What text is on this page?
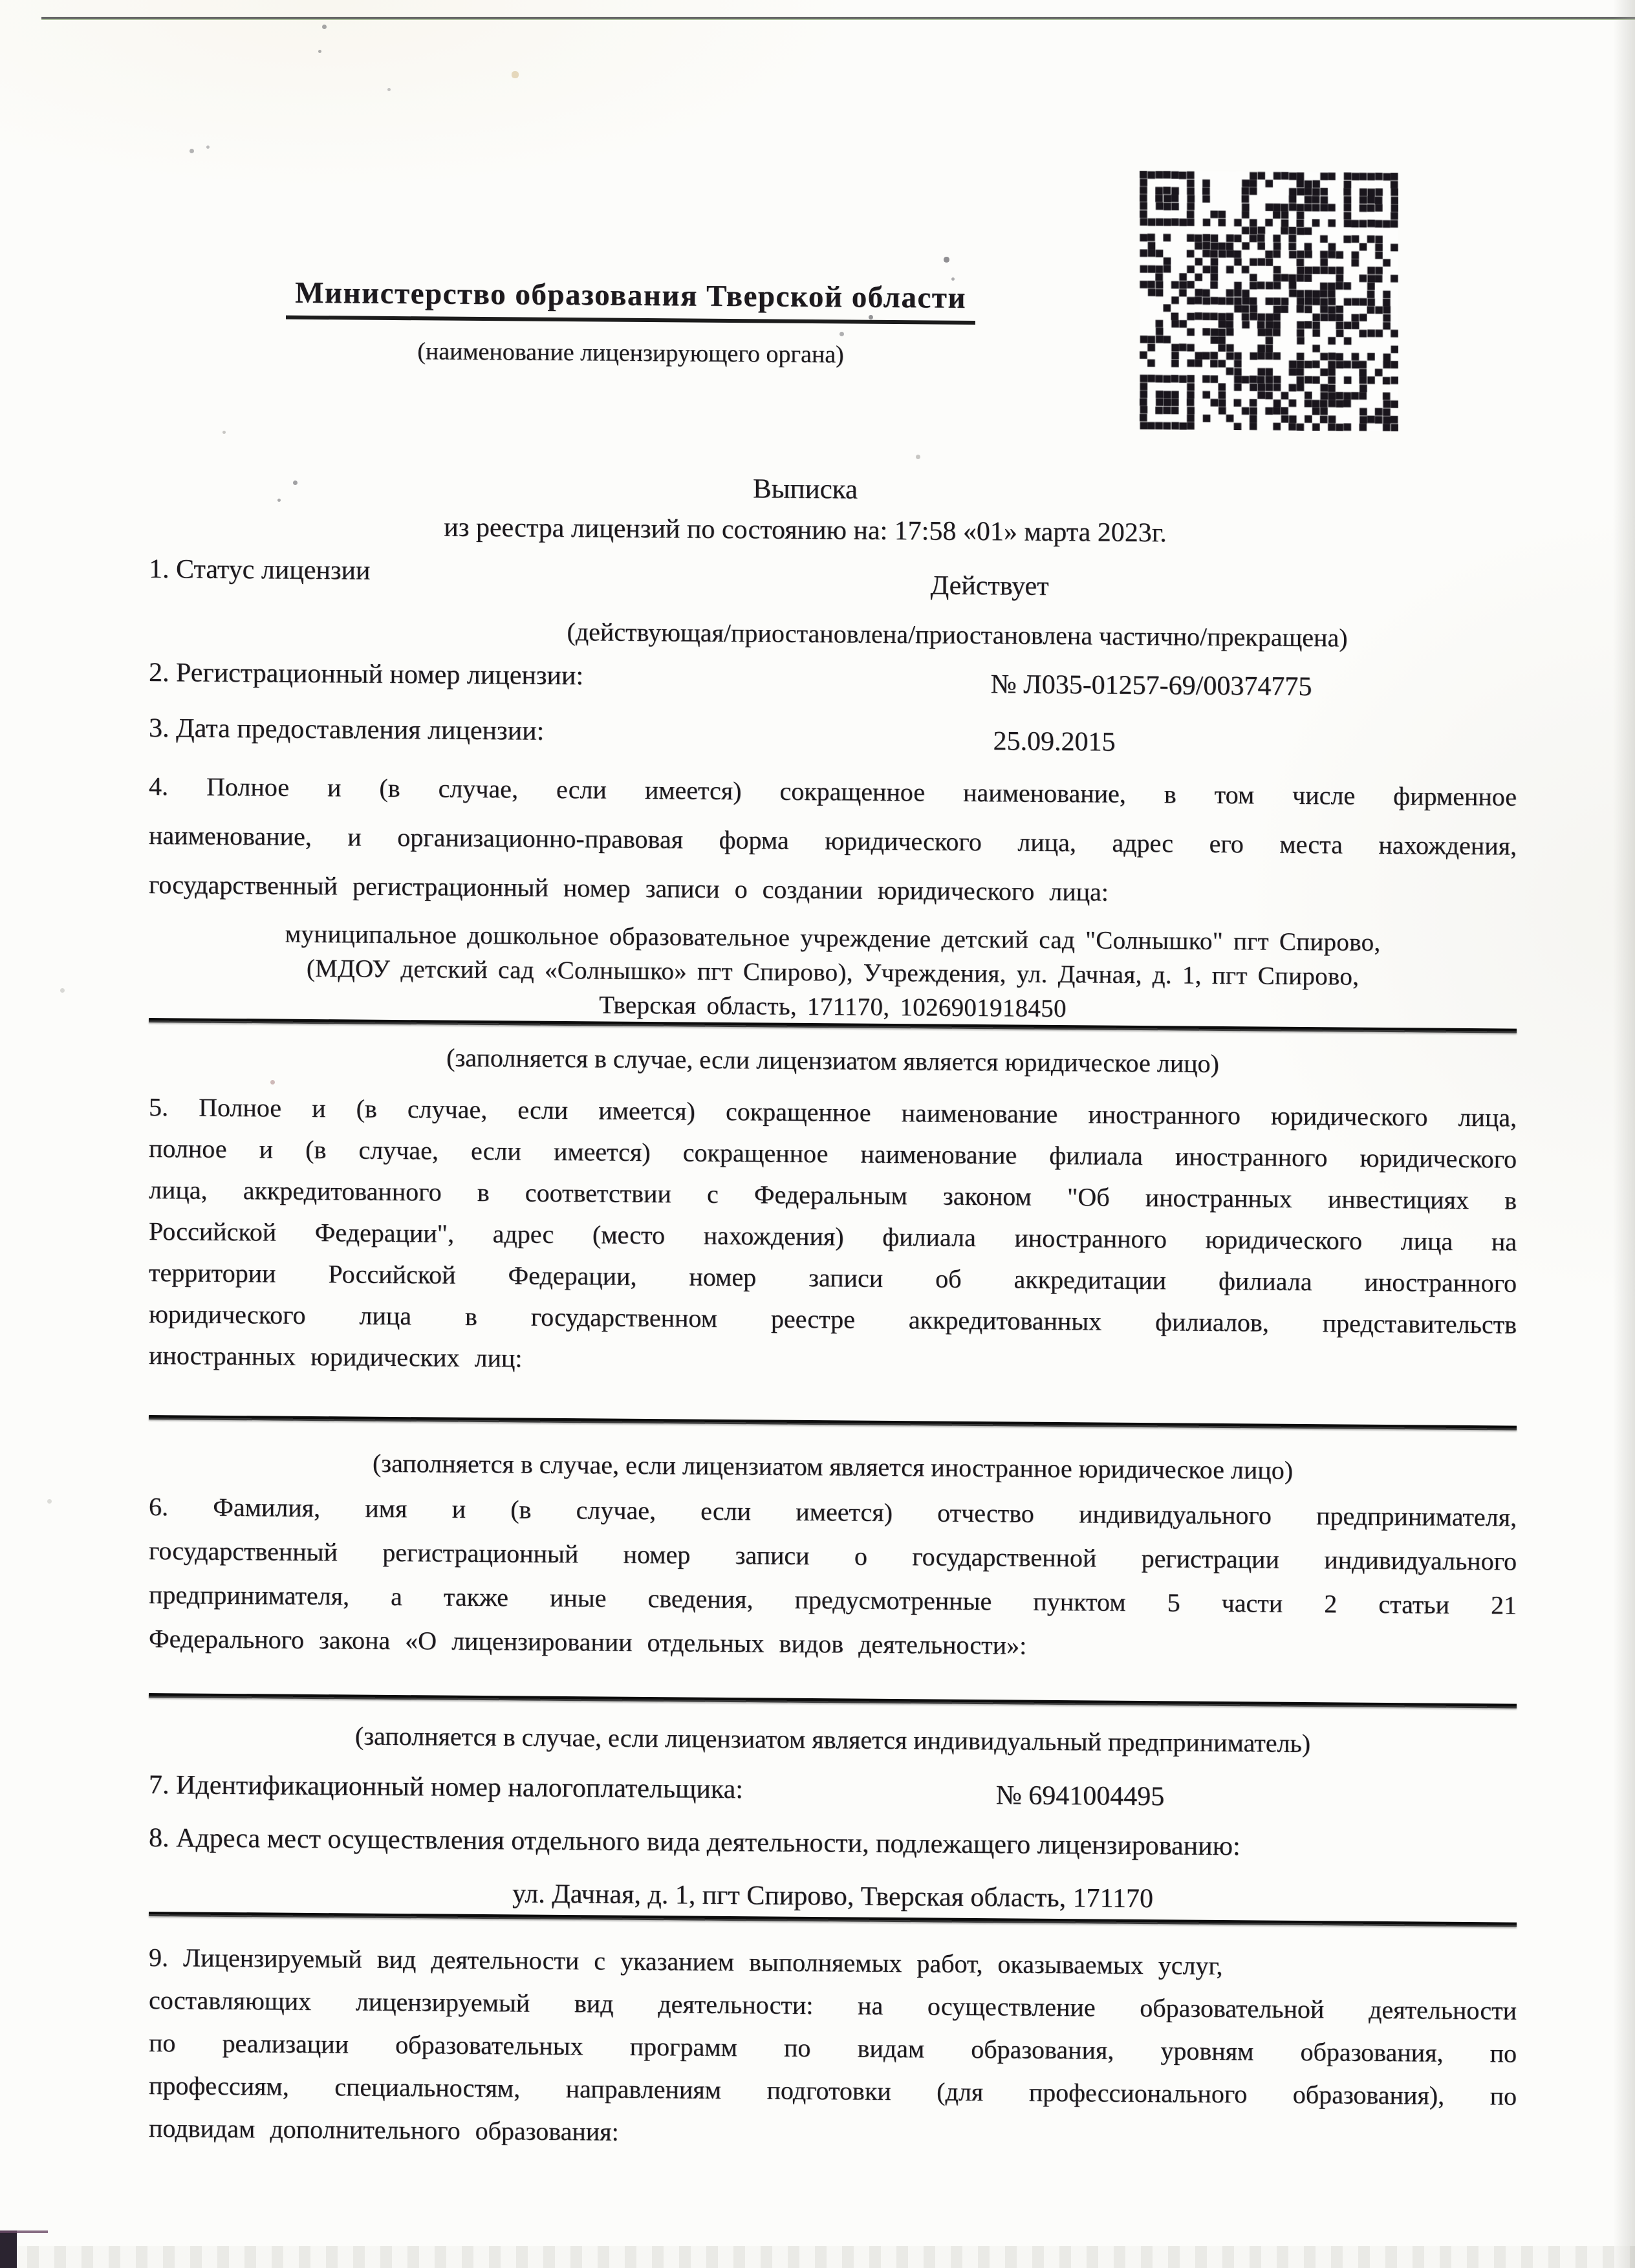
Министерство образования Тверской области
(наименование лицензирующего органа)
Выписка
из реестра лицензий по состоянию на: 17:58 «01» марта 2023г.
1. Статус лицензии
Действует
(действующая/приостановлена/приостановлена частично/прекращена)
2. Регистрационный номер лицензии:	№ Л035-01257-69/00374775
3. Дата предоставления лицензии:	25.09.2015
4. Полное и (в случае, если имеется) сокращенное наименование, в том числе фирменное
наименование, и организационно-правовая форма юридического лица, адрес его места нахождения,
государственный регистрационный номер записи о создании юридического лица:
муниципальное дошкольное образовательное учреждение детский сад "Солнышко" пгт Спирово,
(МДОУ детский сад «Солнышко» пгт Спирово), Учреждения, ул. Дачная, д. 1, пгт Спирово,
Тверская область, 171170, 1026901918450
(заполняется в случае, если лицензиатом является юридическое лицо)
5. Полное и (в случае, если имеется) сокращенное наименование иностранного юридического лица,
полное и (в случае, если имеется) сокращенное наименование филиала иностранного юридического
лица, аккредитованного в соответствии с Федеральным законом "Об иностранных инвестициях в
Российской Федерации", адрес (место нахождения) филиала иностранного юридического лица на
территории Российской Федерации, номер записи об аккредитации филиала иностранного
юридического лица в государственном реестре аккредитованных филиалов, представительств
иностранных юридических лиц:
(заполняется в случае, если лицензиатом является иностранное юридическое лицо)
6. Фамилия, имя и (в случае, если имеется) отчество индивидуального предпринимателя,
государственный регистрационный номер записи о государственной регистрации индивидуального
предпринимателя, а также иные сведения, предусмотренные пунктом 5 части 2 статьи 21
Федерального закона «О лицензировании отдельных видов деятельности»:
(заполняется в случае, если лицензиатом является индивидуальный предприниматель)
7. Идентификационный номер налогоплательщика:	№ 6941004495
8. Адреса мест осуществления отдельного вида деятельности, подлежащего лицензированию:
ул. Дачная, д. 1, пгт Спирово, Тверская область, 171170
9. Лицензируемый вид деятельности с указанием выполняемых работ, оказываемых услуг,
составляющих лицензируемый вид деятельности: на осуществление образовательной деятельности
по реализации образовательных программ по видам образования, уровням образования, по
профессиям, специальностям, направлениям подготовки (для профессионального образования), по
подвидам дополнительного образования:
